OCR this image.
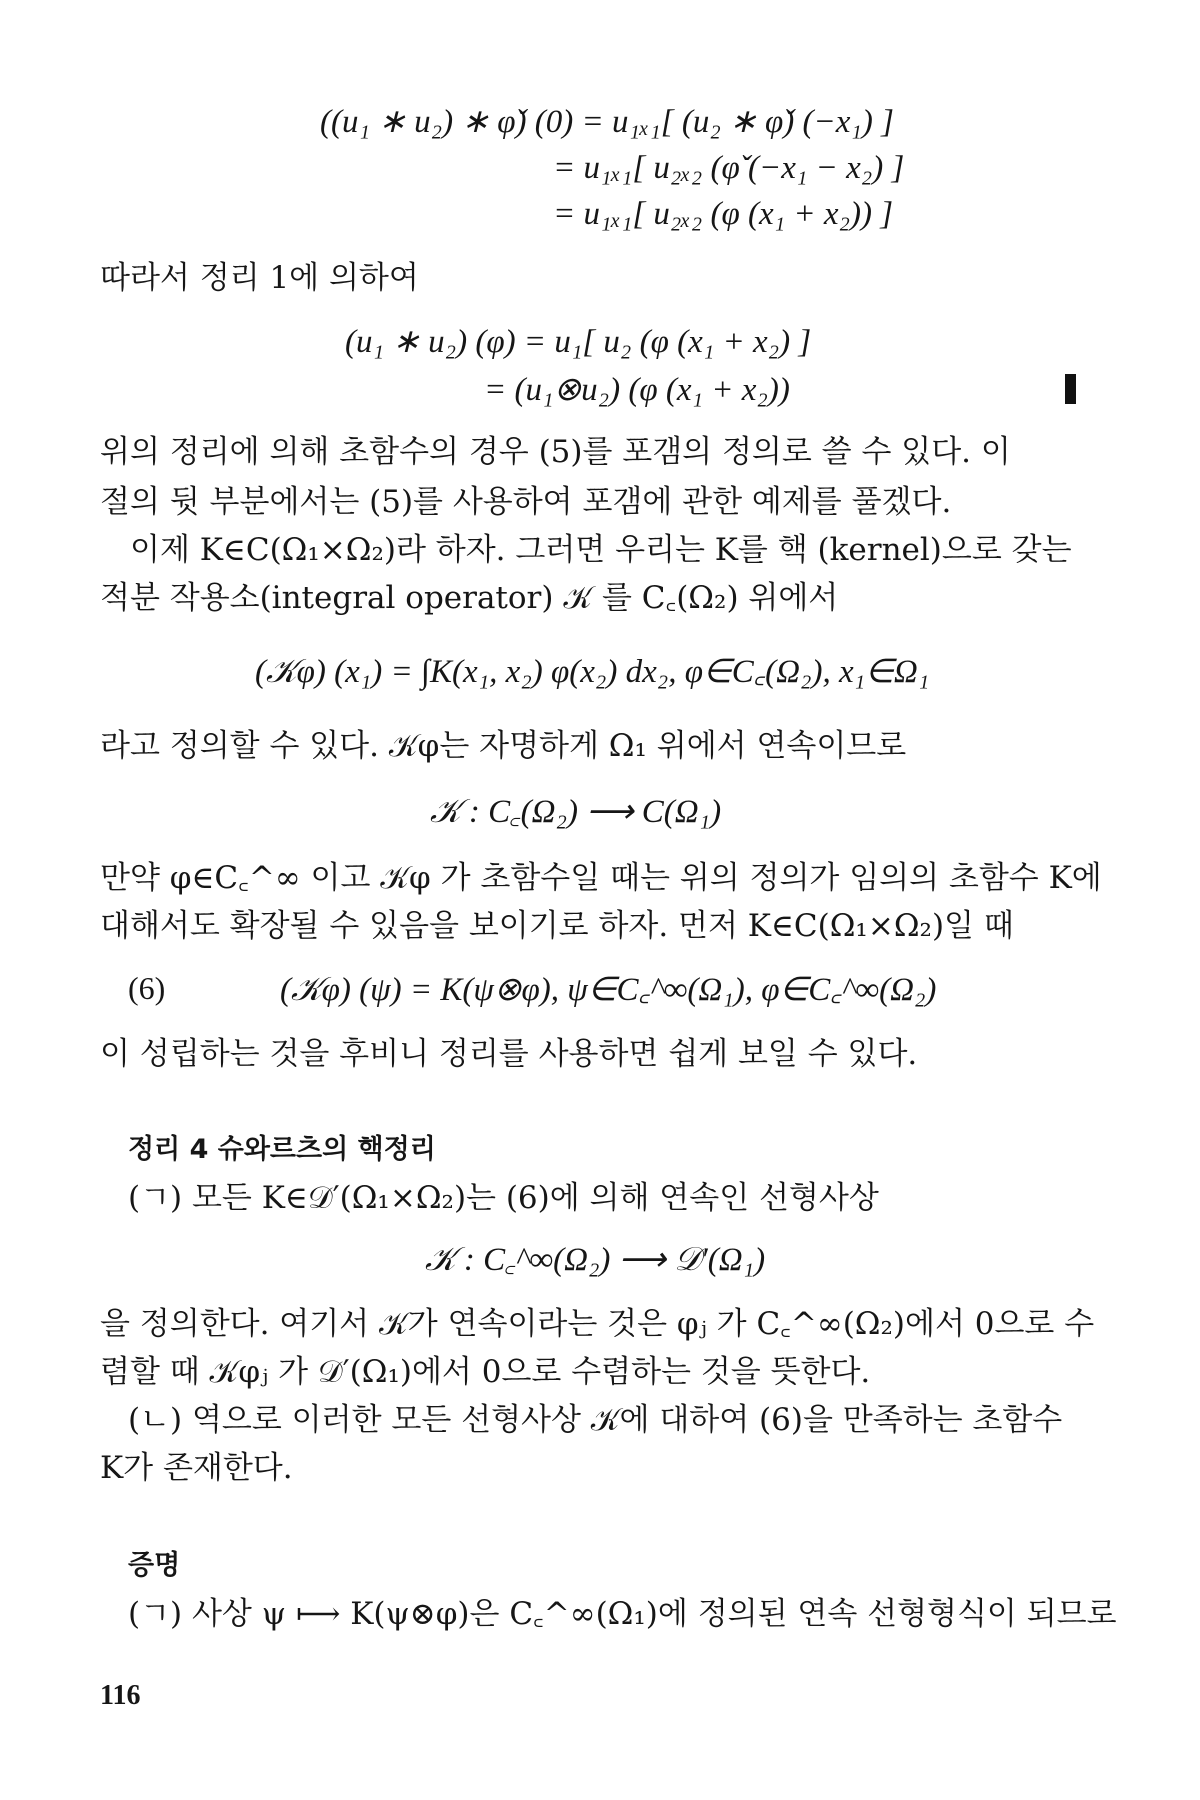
((u₁ ∗ u₂) ∗ φ̌) (0) = u₁ₓ₁[ (u₂ ∗ φ̌) (−x₁) ]
= u₁ₓ₁[ u₂ₓ₂ (φ̌ (−x₁ − x₂) ]
= u₁ₓ₁[ u₂ₓ₂ (φ (x₁ + x₂)) ]
따라서 정리 1에 의하여
(u₁ ∗ u₂) (φ) = u₁[ u₂ (φ (x₁ + x₂) ]
= (u₁⊗u₂) (φ (x₁ + x₂))
위의 정리에 의해 초함수의 경우 (5)를 포갬의 정의로 쓸 수 있다. 이
절의 뒷 부분에서는 (5)를 사용하여 포갬에 관한 예제를 풀겠다.
이제 K∈C(Ω₁×Ω₂)라 하자. 그러면 우리는 K를 핵 (kernel)으로 갖는
적분 작용소(integral operator) 𝒦 를 C꜀(Ω₂) 위에서
(𝒦φ) (x₁) = ∫K(x₁, x₂) φ(x₂) dx₂, φ∈C꜀(Ω₂), x₁∈Ω₁
라고 정의할 수 있다. 𝒦φ는 자명하게 Ω₁ 위에서 연속이므로
𝒦 : C꜀(Ω₂) ⟶ C(Ω₁)
만약 φ∈C꜀^∞ 이고 𝒦φ 가 초함수일 때는 위의 정의가 임의의 초함수 K에
대해서도 확장될 수 있음을 보이기로 하자. 먼저 K∈C(Ω₁×Ω₂)일 때
(6)	(𝒦φ) (ψ) = K(ψ⊗φ), ψ∈C꜀^∞(Ω₁), φ∈C꜀^∞(Ω₂)
이 성립하는 것을 후비니 정리를 사용하면 쉽게 보일 수 있다.
정리 4 슈와르츠의 핵정리
(ㄱ) 모든 K∈𝒟′(Ω₁×Ω₂)는 (6)에 의해 연속인 선형사상
𝒦 : C꜀^∞(Ω₂) ⟶ 𝒟′(Ω₁)
을 정의한다. 여기서 𝒦가 연속이라는 것은 φⱼ 가 C꜀^∞(Ω₂)에서 0으로 수
렴할 때 𝒦φⱼ 가 𝒟′(Ω₁)에서 0으로 수렴하는 것을 뜻한다.
(ㄴ) 역으로 이러한 모든 선형사상 𝒦에 대하여 (6)을 만족하는 초함수
K가 존재한다.
증명
(ㄱ) 사상 ψ ⟼ K(ψ⊗φ)은 C꜀^∞(Ω₁)에 정의된 연속 선형형식이 되므로
116
